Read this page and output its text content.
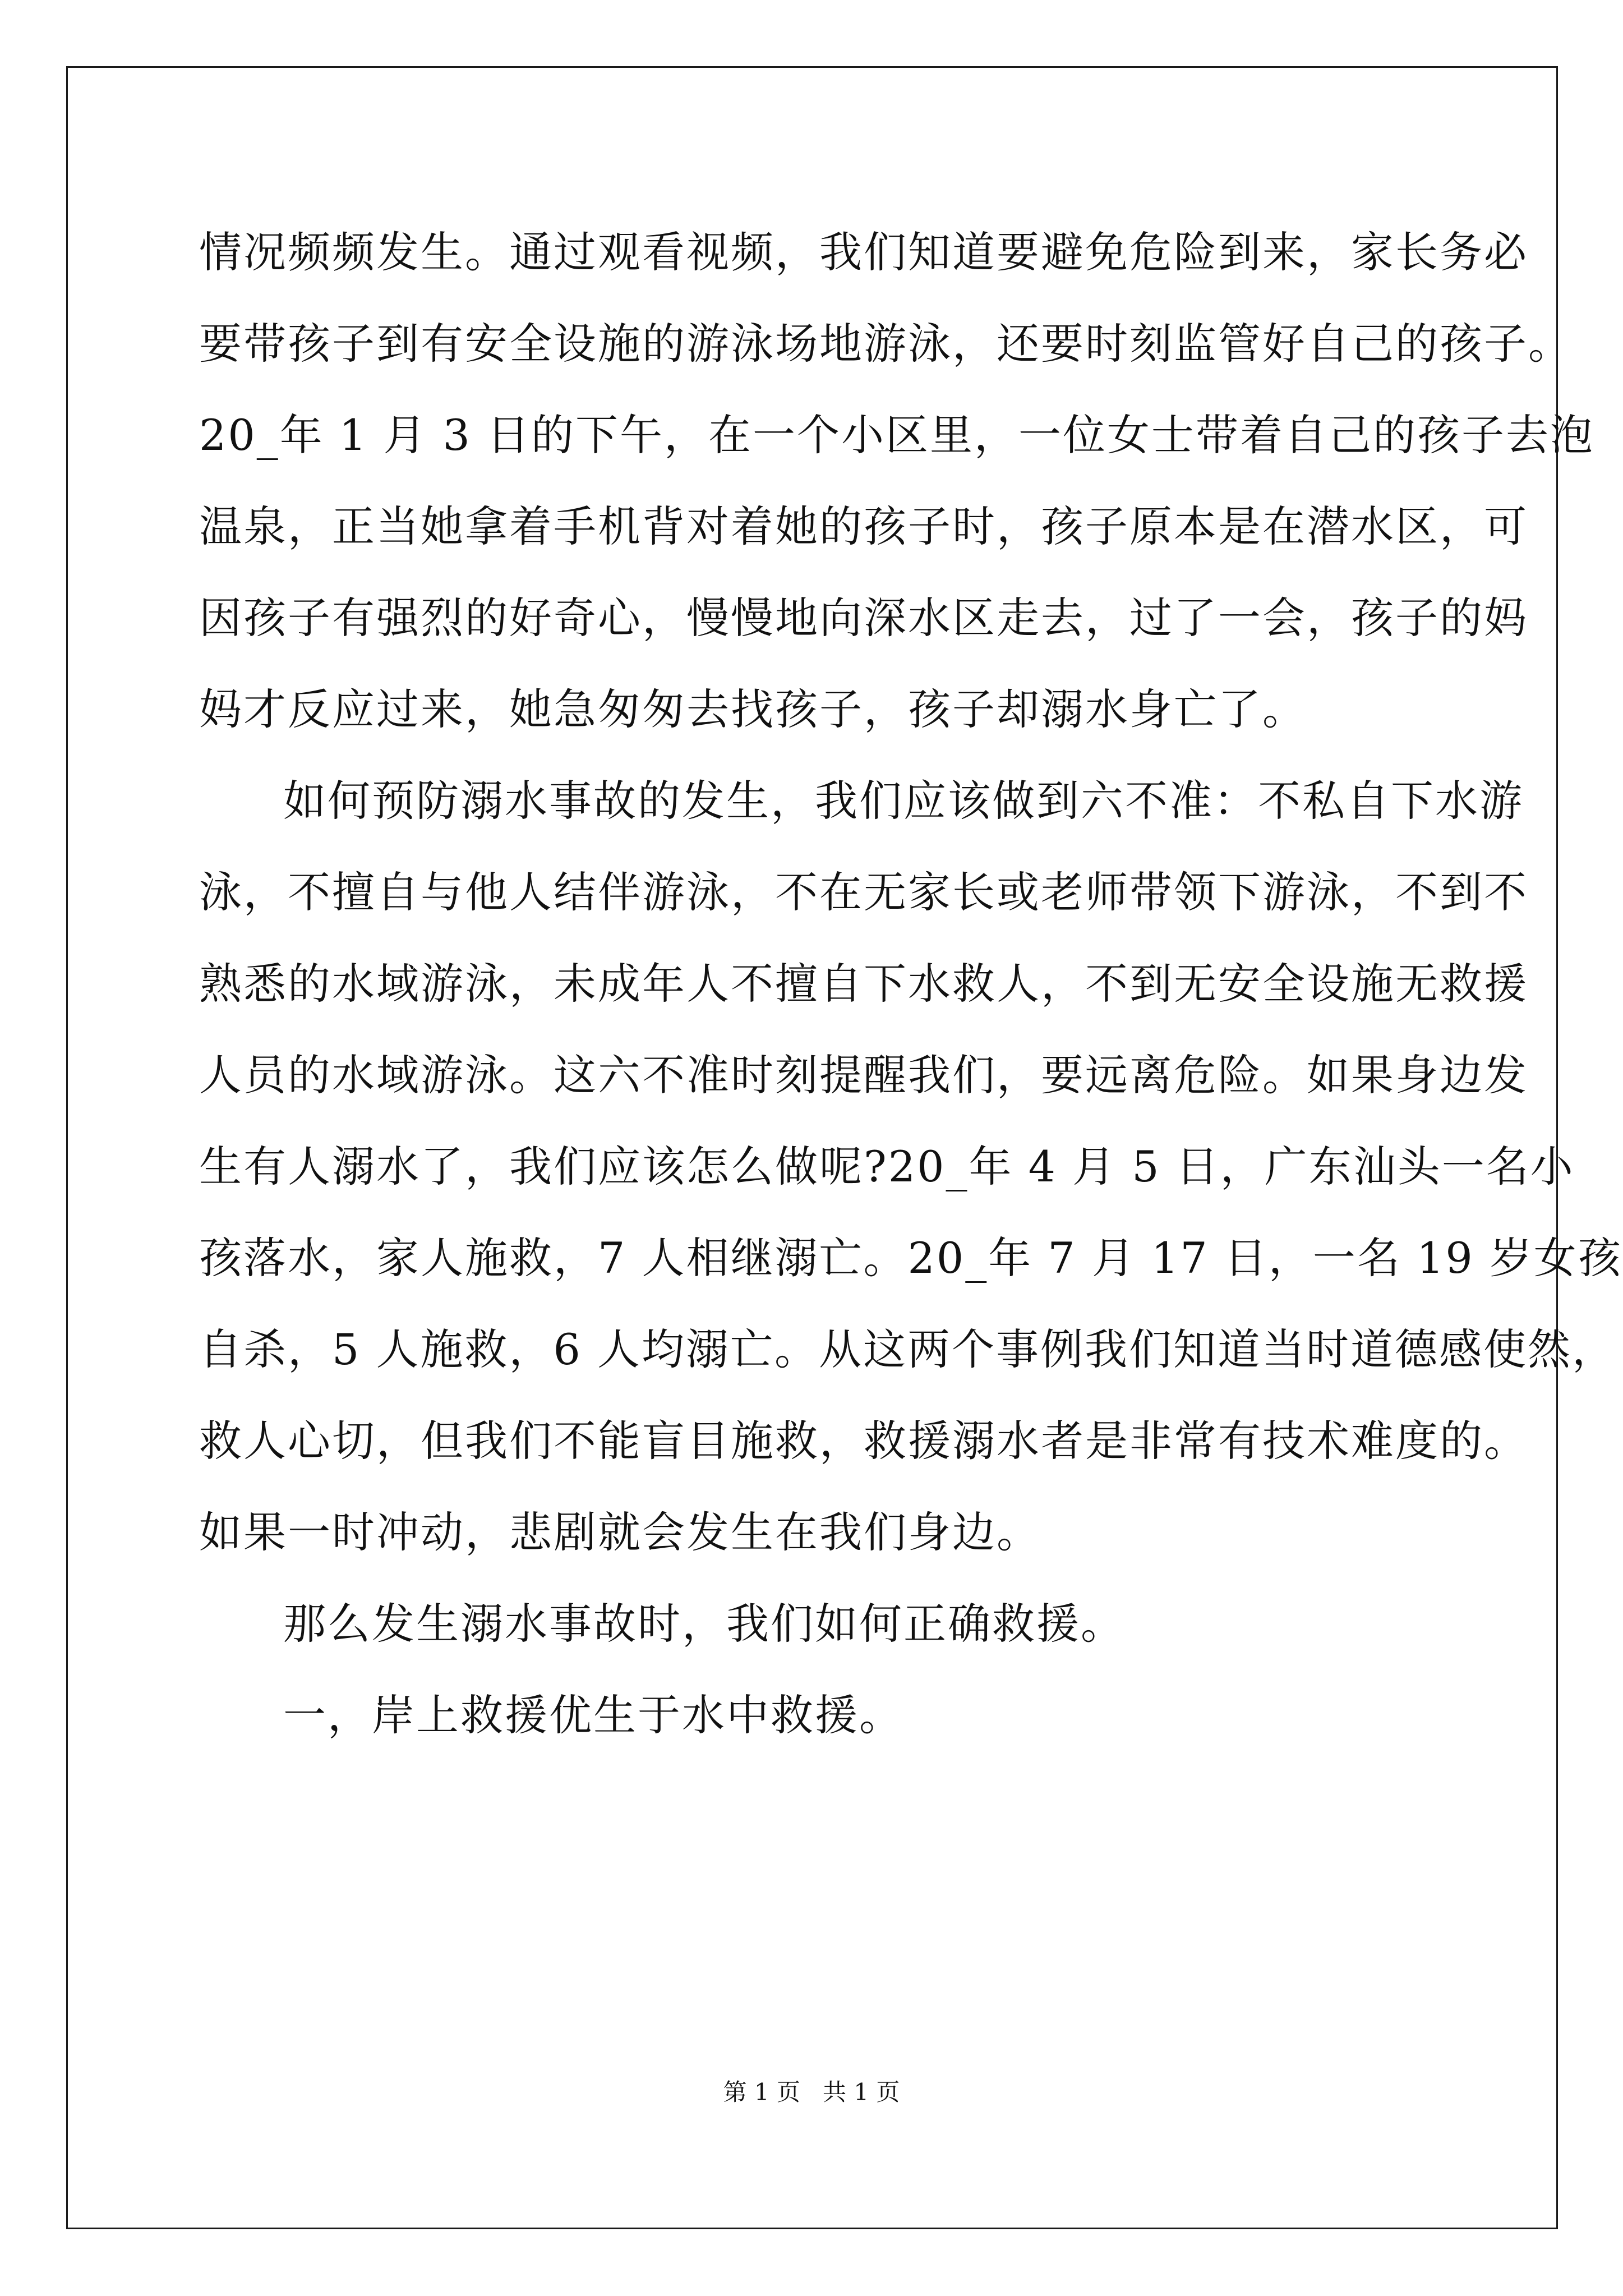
情况频频发生。通过观看视频，我们知道要避免危险到来，家长务必
要带孩子到有安全设施的游泳场地游泳，还要时刻监管好自己的孩子。
20_年 1 月 3 日的下午，在一个小区里，一位女士带着自己的孩子去泡
温泉，正当她拿着手机背对着她的孩子时，孩子原本是在潜水区，可
因孩子有强烈的好奇心，慢慢地向深水区走去，过了一会，孩子的妈
妈才反应过来，她急匆匆去找孩子，孩子却溺水身亡了。
如何预防溺水事故的发生，我们应该做到六不准：不私自下水游
泳，不擅自与他人结伴游泳，不在无家长或老师带领下游泳，不到不
熟悉的水域游泳，未成年人不擅自下水救人，不到无安全设施无救援
人员的水域游泳。这六不准时刻提醒我们，要远离危险。如果身边发
生有人溺水了，我们应该怎么做呢?20_年 4 月 5 日，广东汕头一名小
孩落水，家人施救，7 人相继溺亡。20_年 7 月 17 日，一名 19 岁女孩
自杀，5 人施救，6 人均溺亡。从这两个事例我们知道当时道德感使然，
救人心切，但我们不能盲目施救，救援溺水者是非常有技术难度的。
如果一时冲动，悲剧就会发生在我们身边。
那么发生溺水事故时，我们如何正确救援。
一，岸上救援优生于水中救援。
第 1 页 共 1 页
